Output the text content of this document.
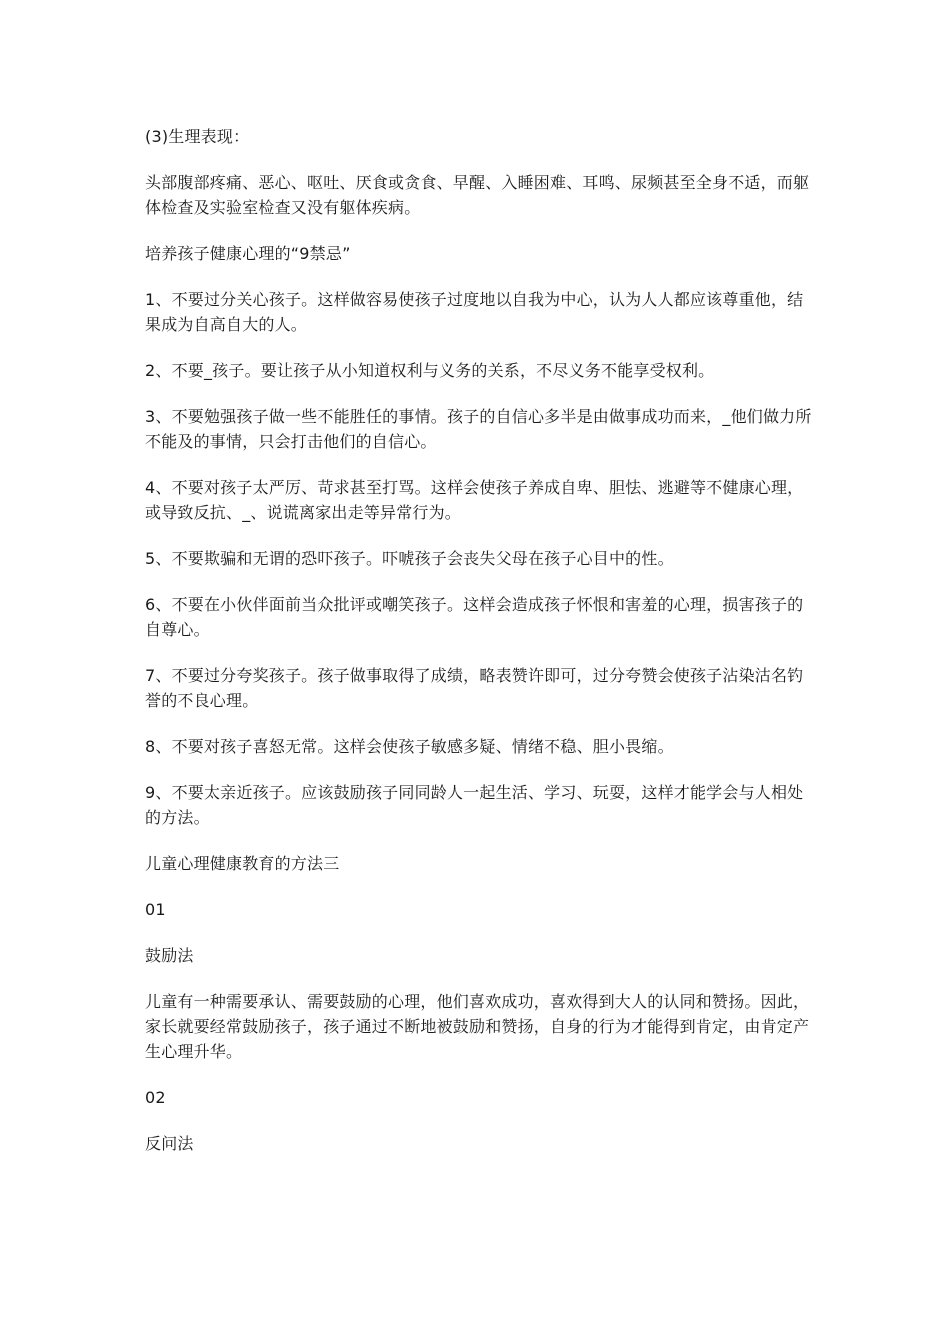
(3)生理表现：

头部腹部疼痛、恶心、呕吐、厌食或贪食、早醒、入睡困难、耳鸣、尿频甚至全身不适，而躯体检查及实验室检查又没有躯体疾病。

培养孩子健康心理的“9禁忌”

1、不要过分关心孩子。这样做容易使孩子过度地以自我为中心，认为人人都应该尊重他，结果成为自高自大的人。

2、不要_孩子。要让孩子从小知道权利与义务的关系，不尽义务不能享受权利。

3、不要勉强孩子做一些不能胜任的事情。孩子的自信心多半是由做事成功而来，_他们做力所不能及的事情，只会打击他们的自信心。

4、不要对孩子太严厉、苛求甚至打骂。这样会使孩子养成自卑、胆怯、逃避等不健康心理，或导致反抗、_、说谎离家出走等异常行为。

5、不要欺骗和无谓的恐吓孩子。吓唬孩子会丧失父母在孩子心目中的性。

6、不要在小伙伴面前当众批评或嘲笑孩子。这样会造成孩子怀恨和害羞的心理，损害孩子的自尊心。

7、不要过分夸奖孩子。孩子做事取得了成绩，略表赞许即可，过分夸赞会使孩子沾染沽名钓誉的不良心理。

8、不要对孩子喜怒无常。这样会使孩子敏感多疑、情绪不稳、胆小畏缩。

9、不要太亲近孩子。应该鼓励孩子同同龄人一起生活、学习、玩耍，这样才能学会与人相处的方法。

儿童心理健康教育的方法三

01

鼓励法

儿童有一种需要承认、需要鼓励的心理，他们喜欢成功，喜欢得到大人的认同和赞扬。因此，家长就要经常鼓励孩子，孩子通过不断地被鼓励和赞扬，自身的行为才能得到肯定，由肯定产生心理升华。

02

反问法
